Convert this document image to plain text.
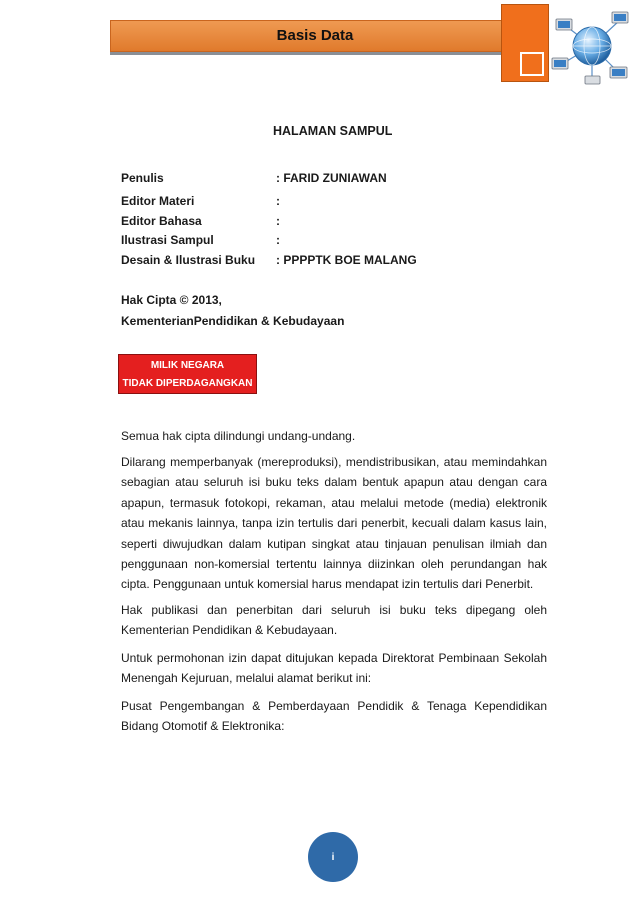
Basis Data
HALAMAN SAMPUL
Penulis	: FARID ZUNIAWAN
Editor Materi	:
Editor Bahasa	:
Ilustrasi Sampul	:
Desain & Ilustrasi Buku : PPPPTK BOE MALANG
Hak Cipta © 2013,
KementerianPendidikan & Kebudayaan
MILIK NEGARA
TIDAK DIPERDAGANGKAN
Semua hak cipta dilindungi undang-undang.
Dilarang memperbanyak (mereproduksi), mendistribusikan, atau memindahkan sebagian atau seluruh isi buku teks dalam bentuk apapun atau dengan cara apapun, termasuk fotokopi, rekaman, atau melalui metode (media) elektronik atau mekanis lainnya, tanpa izin tertulis dari penerbit, kecuali dalam kasus lain, seperti diwujudkan dalam kutipan singkat atau tinjauan penulisan ilmiah dan penggunaan non-komersial tertentu lainnya diizinkan oleh perundangan hak cipta. Penggunaan untuk komersial harus mendapat izin tertulis dari Penerbit.
Hak publikasi dan penerbitan dari seluruh isi buku teks dipegang oleh Kementerian Pendidikan & Kebudayaan.
Untuk permohonan izin dapat ditujukan kepada Direktorat Pembinaan Sekolah Menengah Kejuruan, melalui alamat berikut ini:
Pusat Pengembangan & Pemberdayaan Pendidik & Tenaga Kependidikan Bidang Otomotif & Elektronika:
i
